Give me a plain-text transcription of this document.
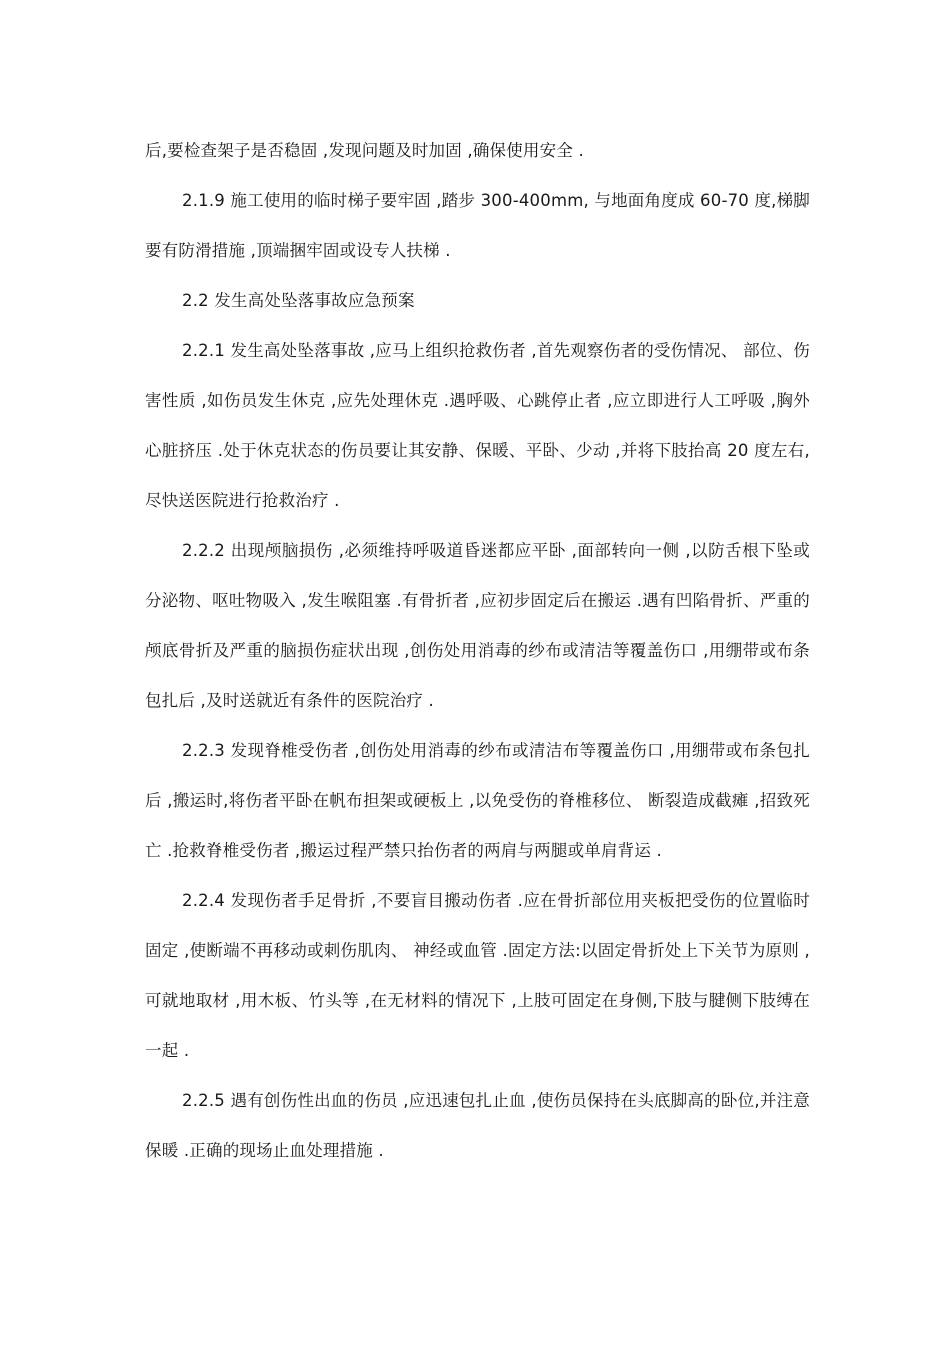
后,要检查架子是否稳固 ,发现问题及时加固 ,确保使用安全 .

2.1.9 施工使用的临时梯子要牢固 ,踏步 300-400mm, 与地面角度成 60-70 度,梯脚要有防滑措施 ,顶端捆牢固或设专人扶梯 .

2.2 发生高处坠落事故应急预案

2.2.1 发生高处坠落事故 ,应马上组织抢救伤者 ,首先观察伤者的受伤情况、 部位、伤害性质 ,如伤员发生休克 ,应先处理休克 .遇呼吸、心跳停止者 ,应立即进行人工呼吸 ,胸外心脏挤压 .处于休克状态的伤员要让其安静、保暖、平卧、少动 ,并将下肢抬高 20 度左右,尽快送医院进行抢救治疗 .

2.2.2 出现颅脑损伤 ,必须维持呼吸道昏迷都应平卧 ,面部转向一侧 ,以防舌根下坠或分泌物、呕吐物吸入 ,发生喉阻塞 .有骨折者 ,应初步固定后在搬运 .遇有凹陷骨折、严重的颅底骨折及严重的脑损伤症状出现 ,创伤处用消毒的纱布或清洁等覆盖伤口 ,用绷带或布条包扎后 ,及时送就近有条件的医院治疗 .

2.2.3 发现脊椎受伤者 ,创伤处用消毒的纱布或清洁布等覆盖伤口 ,用绷带或布条包扎后 ,搬运时,将伤者平卧在帆布担架或硬板上 ,以免受伤的脊椎移位、 断裂造成截瘫 ,招致死亡 .抢救脊椎受伤者 ,搬运过程严禁只抬伤者的两肩与两腿或单肩背运 .

2.2.4 发现伤者手足骨折 ,不要盲目搬动伤者 .应在骨折部位用夹板把受伤的位置临时固定 ,使断端不再移动或刺伤肌肉、 神经或血管 .固定方法:以固定骨折处上下关节为原则 ,可就地取材 ,用木板、竹头等 ,在无材料的情况下 ,上肢可固定在身侧,下肢与腱侧下肢缚在一起 .

2.2.5 遇有创伤性出血的伤员 ,应迅速包扎止血 ,使伤员保持在头底脚高的卧位,并注意保暖 .正确的现场止血处理措施 .
